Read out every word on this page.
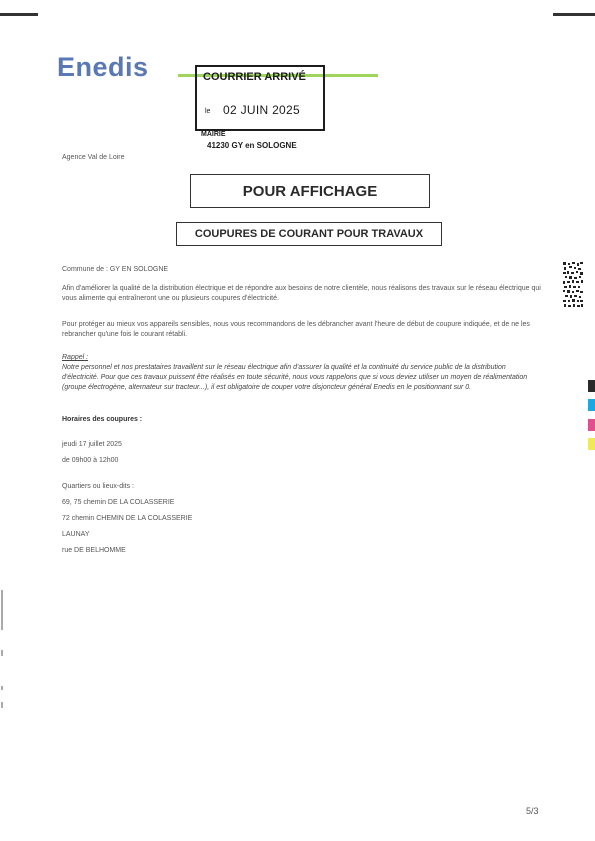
Enedis	COURRIER ARRIVÉ
le 02 JUIN 2025
MAIRIE
41230 GY en SOLOGNE
Agence Val de Loire
POUR AFFICHAGE
COUPURES DE COURANT POUR TRAVAUX
Commune de : GY EN SOLOGNE
Afin d'améliorer la qualité de la distribution électrique et de répondre aux besoins de notre clientèle, nous réalisons des travaux sur le réseau électrique qui vous alimente qui entraîneront une ou plusieurs coupures d'électricité.
Pour protéger au mieux vos appareils sensibles, nous vous recommandons de les débrancher avant l'heure de début de coupure indiquée, et de ne les rebrancher qu'une fois le courant rétabli.
Rappel :
Notre personnel et nos prestataires travaillent sur le réseau électrique afin d'assurer la qualité et la continuité du service public de la distribution d'électricité. Pour que ces travaux puissent être réalisés en toute sécurité, nous vous rappelons que si vous deviez utiliser un moyen de réalimentation (groupe électrogène, alternateur sur tracteur...), il est obligatoire de couper votre disjoncteur général Enedis en le positionnant sur 0.
Horaires des coupures :
jeudi 17 juillet 2025
de 09h00 à 12h00
Quartiers ou lieux-dits :
69, 75 chemin DE LA COLASSERIE
72 chemin CHEMIN DE LA COLASSERIE
LAUNAY
rue DE BELHOMME
5/3
